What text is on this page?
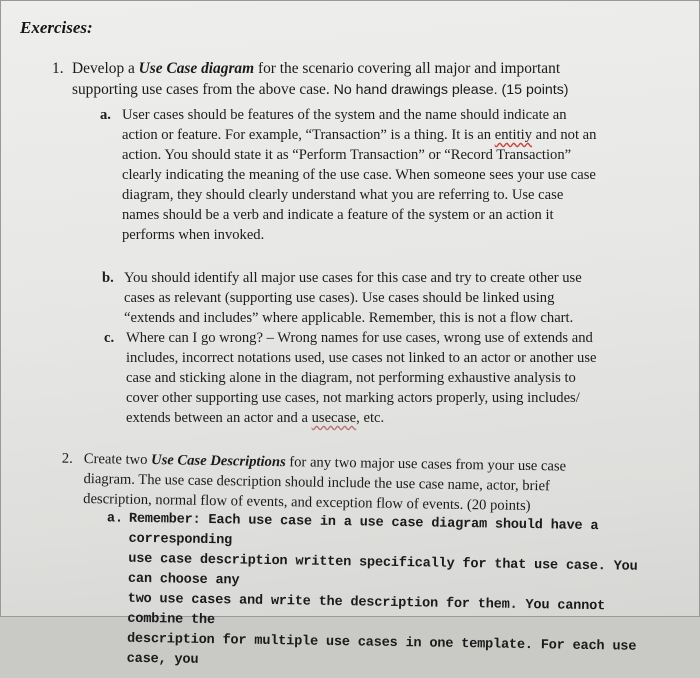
Exercises:
1. Develop a Use Case diagram for the scenario covering all major and important
supporting use cases from the above case. No hand drawings please. (15 points)
a. User cases should be features of the system and the name should indicate an
action or feature. For example, “Transaction” is a thing. It is an entitiy and not an
action. You should state it as “Perform Transaction” or “Record Transaction”
clearly indicating the meaning of the use case. When someone sees your use case
diagram, they should clearly understand what you are referring to. Use case
names should be a verb and indicate a feature of the system or an action it
performs when invoked.
b. You should identify all major use cases for this case and try to create other use
cases as relevant (supporting use cases). Use cases should be linked using
“extends and includes” where applicable. Remember, this is not a flow chart.
c. Where can I go wrong? – Wrong names for use cases, wrong use of extends and
includes, incorrect notations used, use cases not linked to an actor or another use
case and sticking alone in the diagram, not performing exhaustive analysis to
cover other supporting use cases, not marking actors properly, using includes/
extends between an actor and a usecase, etc.
2. Create two Use Case Descriptions for any two major use cases from your use case
diagram. The use case description should include the use case name, actor, brief
description, normal flow of events, and exception flow of events. (20 points)
a. Remember: Each use case in a use case diagram should have a corresponding
use case description written specifically for that use case. You can choose any
two use cases and write the description for them. You cannot combine the
description for multiple use cases in one template. For each use case, you
